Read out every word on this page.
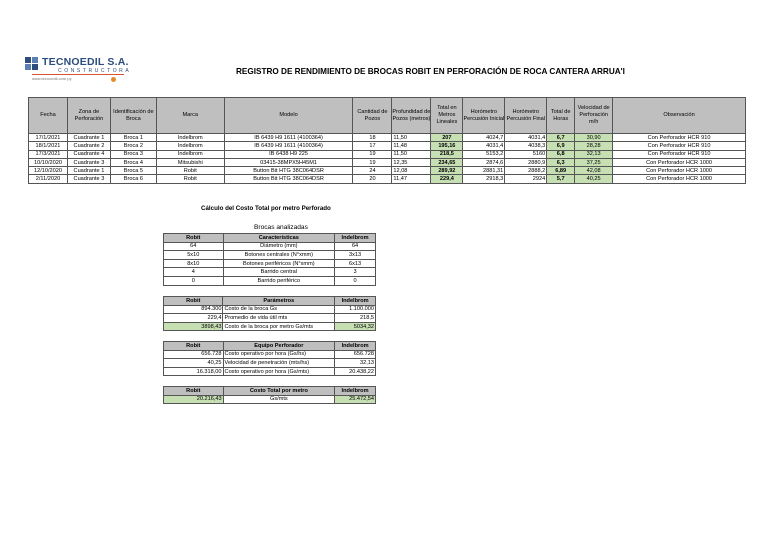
TECNOEDIL S.A.
CONSTRUCTORA
www.tecnoedil.com.py
REGISTRO DE RENDIMIENTO DE BROCAS ROBIT EN PERFORACIÓN DE ROCA CANTERA ARRUA'I
Fecha	Zona de Perforación	Identificación de Broca	Marca	Modelo	Cantidad de Pozos	Profundidad de Pozos (metros)	Total en Metros Lineales	Horómetro Percusión Inicial	Horómetro Percusión Final	Total de Horas	Velocidad de Perforación m/h	Observación
17/1/2021	Cuadrante 1	Broca 1	Indelbrom	IB 6439 H9 1611 (4100364)	18	11,50	207	4024,7	4031,4	6,7	30,90	Con Perforador HCR 910
18/1/2021	Cuadrante 2	Broca 2	Indelbrom	IB 6439 H9 1611 (4100364)	17	11,48	195,16	4031,4	4038,3	6,9	28,28	Con Perforador HCR 910
17/3/2021	Cuadrante 4	Broca 3	Indelbrom	IB 6438 H9 225	19	11,50	218,5	5153,2	5160	6,8	32,13	Con Perforador HCR 910
10/10/2020	Cuadrante 3	Broca 4	Mitsubishi	03415-38MPX5H45M1	19	12,35	234,65	2874,6	2880,9	6,3	37,25	Con Perforador HCR 1000
12/10/2020	Cuadrante 1	Broca 5	Robit	Button Bit HTG 38C064DSR	24	12,08	289,92	2881,31	2888,2	6,89	42,08	Con Perforador HCR 1000
2/11/2020	Cuadrante 3	Broca 6	Robit	Button Bit HTG 38C064DSR	20	11,47	229,4	2918,3	2924	5,7	40,25	Con Perforador HCR 1000
Cálculo del Costo Total por metro Perforado
Brocas analizadas
Robit	Características	Indelbrom
64	Diámetro (mm)	64
5x10	Botones centrales (N°xmm)	3x13
8x10	Botones periféricos (N°xmm)	6x13
4	Barrido central	3
0	Barrido periférico	0
Robit	Parámetros	Indelbrom
894.300	Costo de la broca Gs	1.100.000
229,4	Promedio de vida útil mts	218,5
3898,43	Costo de la broca por metro Gs/mts	5034,32
Robit	Equipo Perforador	Indelbrom
656.728	Costo operativo por hora (Gs/hs)	656.728
40,25	Velocidad de penetración (mts/hs)	32,13
16.318,00	Costo operativo por hora (Gs/mts)	20.438,22
Robit	Costo Total por metro	Indelbrom
20.216,43	Gs/mts	25.472,54
